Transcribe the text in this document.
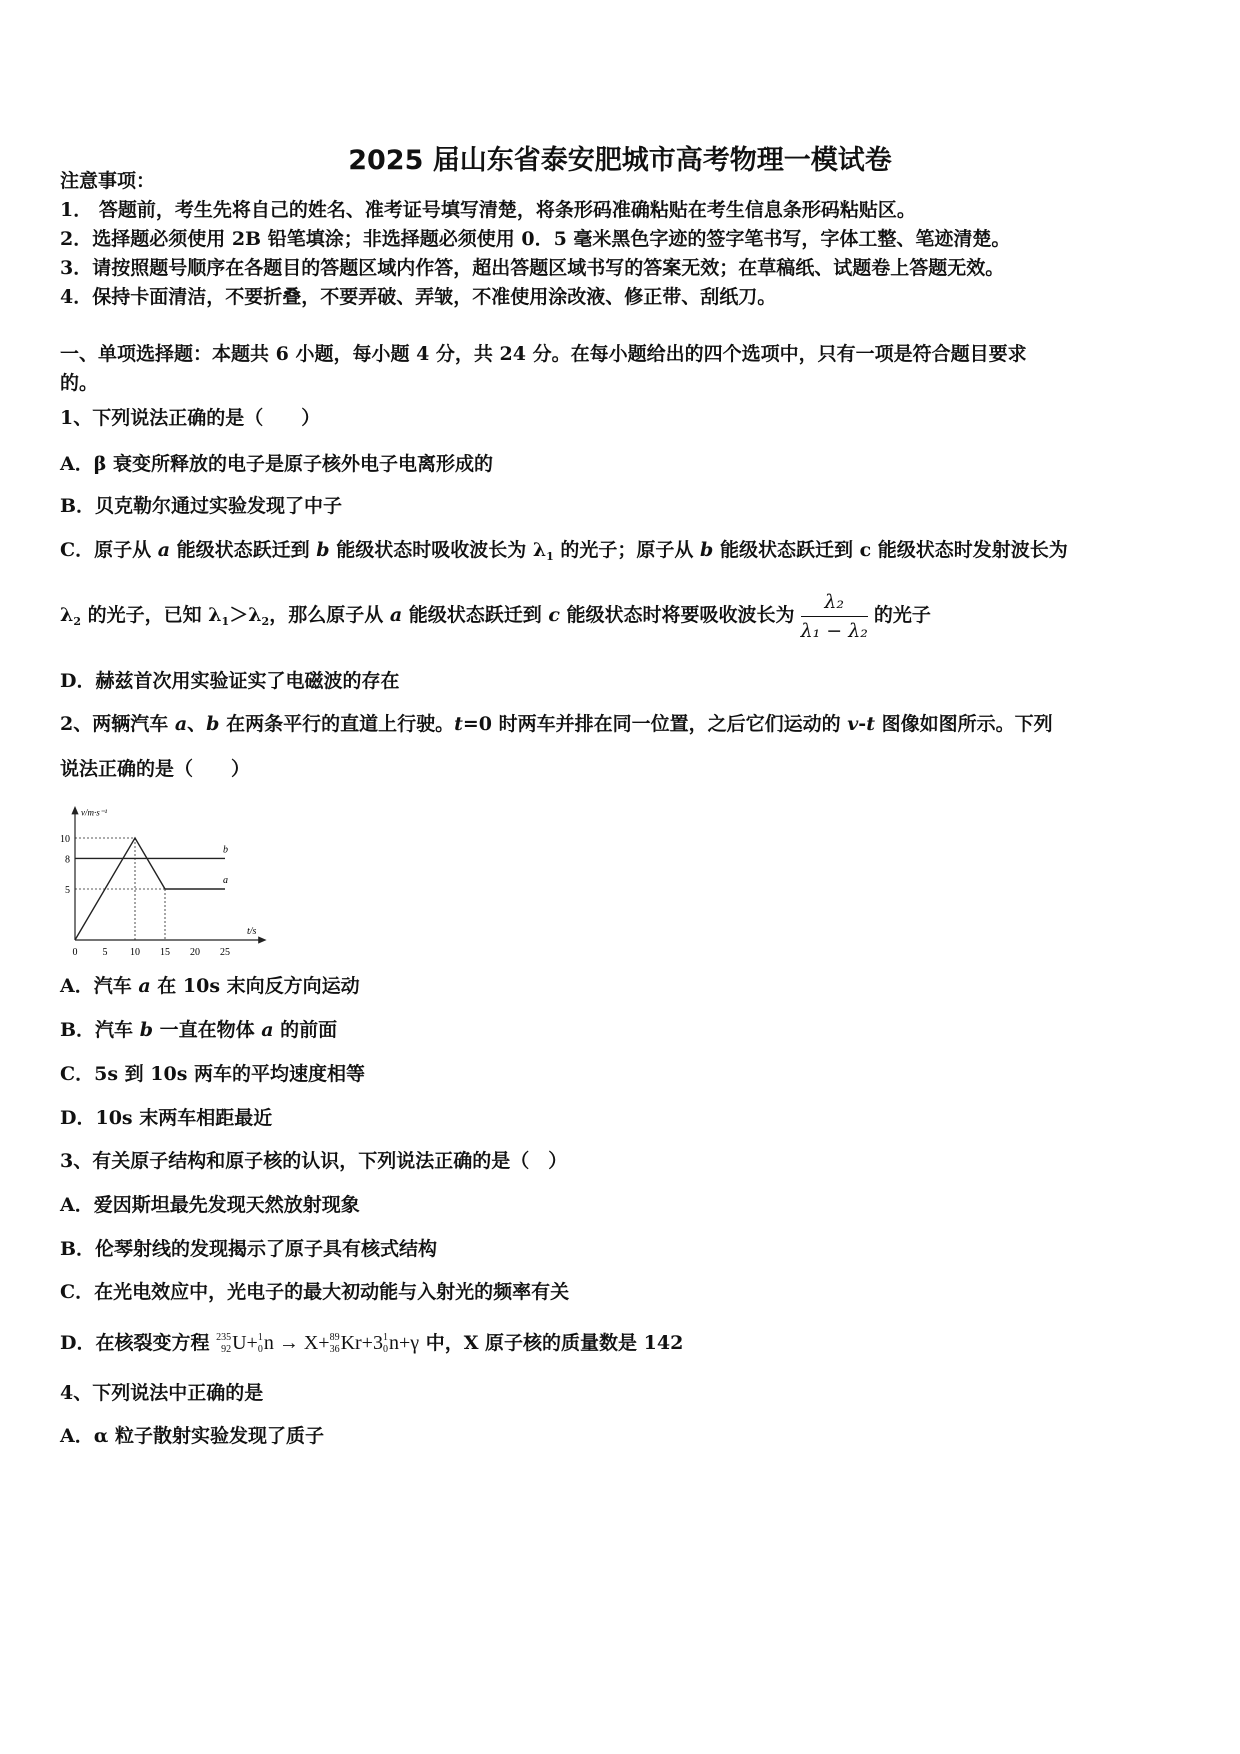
2025 届山东省泰安肥城市高考物理一模试卷
注意事项：
1． 答题前，考生先将自己的姓名、准考证号填写清楚，将条形码准确粘贴在考生信息条形码粘贴区。
2．选择题必须使用 2B 铅笔填涂；非选择题必须使用 0．5 毫米黑色字迹的签字笔书写，字体工整、笔迹清楚。
3．请按照题号顺序在各题目的答题区域内作答，超出答题区域书写的答案无效；在草稿纸、试题卷上答题无效。
4．保持卡面清洁，不要折叠，不要弄破、弄皱，不准使用涂改液、修正带、刮纸刀。
一、单项选择题：本题共 6 小题，每小题 4 分，共 24 分。在每小题给出的四个选项中，只有一项是符合题目要求
的。
1、下列说法正确的是（　　）
A．β 衰变所释放的电子是原子核外电子电离形成的
B．贝克勒尔通过实验发现了中子
C．原子从 a 能级状态跃迁到 b 能级状态时吸收波长为 $\lambda_1$ 的光子；原子从 b 能级状态跃迁到 c 能级状态时发射波长为
$\lambda_2$ 的光子，已知 $\lambda_1>\lambda_2$，那么原子从 a 能级状态跃迁到 c 能级状态时将要吸收波长为 $\frac{\text{λ₂}}{\text{λ₁ − λ₂}}$ 的光子
D．赫兹首次用实验证实了电磁波的存在
2、两辆汽车 a、b 在两条平行的直道上行驶。t=0 时两车并排在同一位置，之后它们运动的 v-t 图像如图所示。下列
说法正确的是（　　）
v/m·s⁻¹
t/s
0	5 10 15 20 25
5
8
10
a
b
A．汽车 a 在 10s 末向反方向运动
B．汽车 b 一直在物体 a 的前面
C．5s 到 10s 两车的平均速度相等
D．10s 末两车相距最近
3、有关原子结构和原子核的认识，下列说法正确的是（　）
A．爱因斯坦最先发现天然放射现象
B．伦琴射线的发现揭示了原子具有核式结构
C．在光电效应中，光电子的最大初动能与入射光的频率有关
D．在核裂变方程 235
92U+1
0n → X+89
36Kr+31
0n+γ 中，X 原子核的质量数是 142
4、下列说法中正确的是
A．α 粒子散射实验发现了质子
